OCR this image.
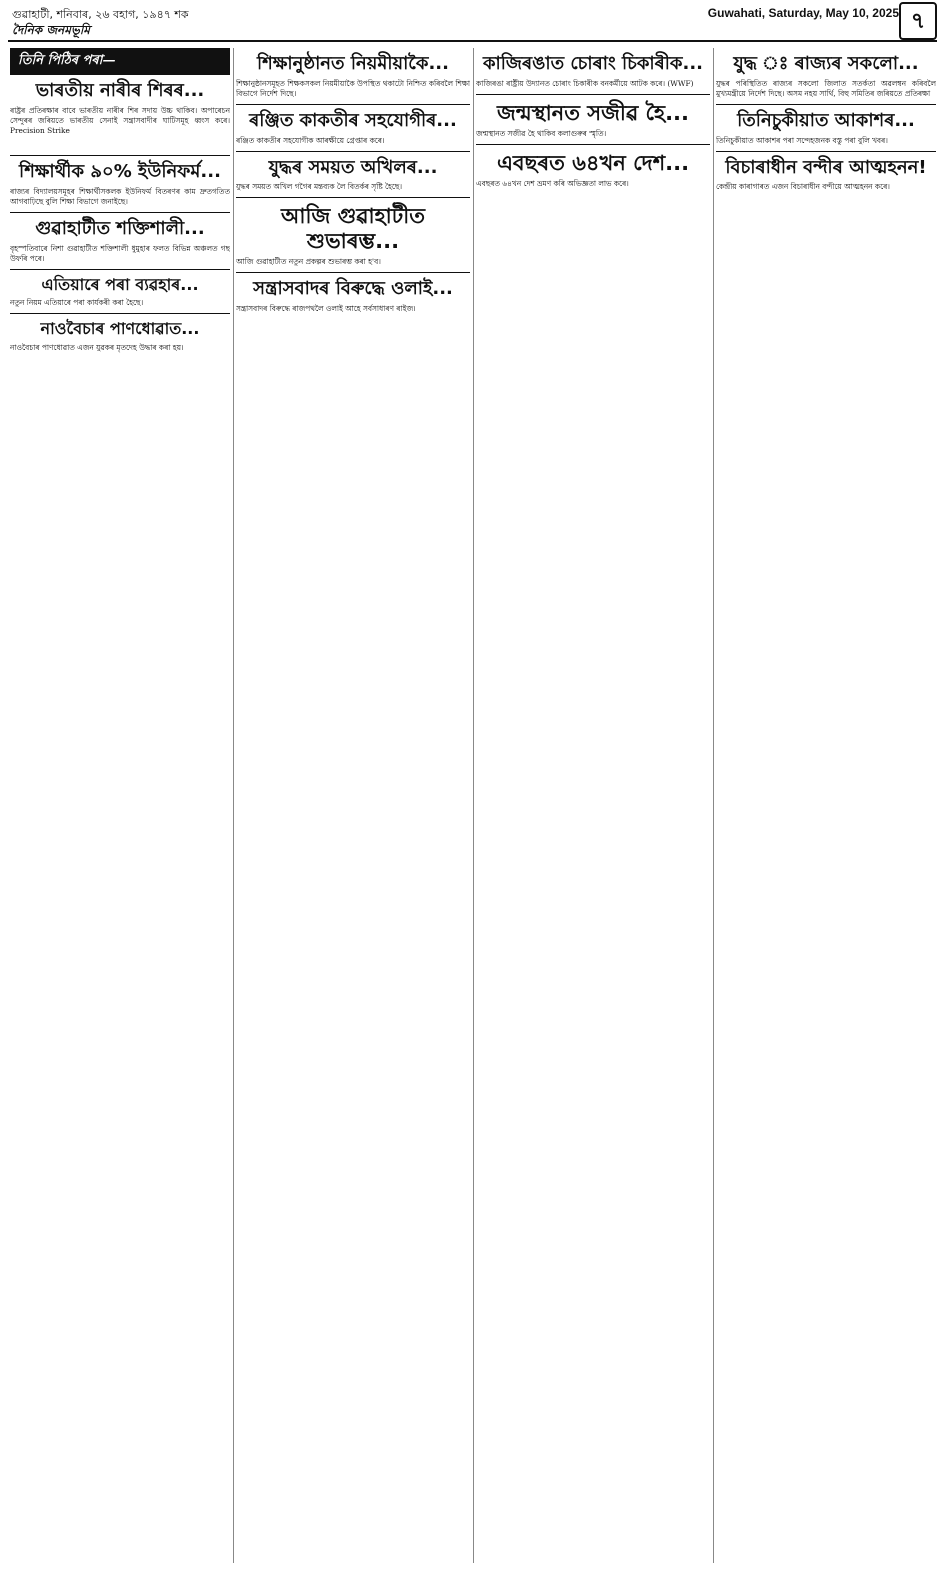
গুৱাহাটী, শনিবাৰ, ২৬ বহাগ, ১৯৪৭ শক
দৈনিক জনমভূমি
Guwahati, Saturday, May 10, 2025 ৭
তিনি পিঠিৰ পৰা—
ভাৰতীয় নাৰীৰ শিৰৰ...

ৰাষ্ট্ৰৰ প্ৰতিৰক্ষাৰ বাবে ভাৰতীয় নাৰীৰ শিৰ সদায় উচ্চ থাকিব। অপাৰেচন সেন্দুৰৰ জৰিয়তে ভাৰতীয় সেনাই সন্ত্ৰাসবাদীৰ ঘাটিসমূহ ধ্বংস কৰে। Precision Strike

শিক্ষাৰ্থীক ৯০% ইউনিফৰ্ম...

ৰাজ্যৰ বিদ্যালয়সমূহৰ শিক্ষাৰ্থীসকলক ইউনিফৰ্ম বিতৰণৰ কাম দ্ৰুতগতিত আগবাঢ়িছে বুলি শিক্ষা বিভাগে জনাইছে।

গুৱাহাটীত শক্তিশালী...

বৃহস্পতিবাৰে নিশা গুৱাহাটীত শক্তিশালী ধুমুহাৰ ফলত বিভিন্ন অঞ্চলত গছ উফৰি পৰে।

এতিয়াৰে পৰা ব্যৱহাৰ...

নতুন নিয়ম এতিয়াৰে পৰা কাৰ্যকৰী কৰা হৈছে।

নাওবৈচাৰ পাণধোৱাত...

নাওবৈচাৰ পাণধোৱাত এজন যুৱকৰ মৃতদেহ উদ্ধাৰ কৰা হয়।

শিক্ষানুষ্ঠানত নিয়মীয়াকৈ...

শিক্ষানুষ্ঠানসমূহত শিক্ষকসকল নিয়মীয়াকৈ উপস্থিত থকাটো নিশ্চিত কৰিবলৈ শিক্ষা বিভাগে নিৰ্দেশ দিছে।

ৰঞ্জিত কাকতীৰ সহযোগীৰ...

ৰঞ্জিত কাকতীৰ সহযোগীক আৰক্ষীয়ে গ্ৰেপ্তাৰ কৰে।

যুদ্ধৰ সময়ত অখিলৰ...

যুদ্ধৰ সময়ত অখিল গগৈৰ মন্তব্যক লৈ বিতৰ্কৰ সৃষ্টি হৈছে।

আজি গুৱাহাটীত শুভাৰম্ভ...

আজি গুৱাহাটীত নতুন প্ৰকল্পৰ শুভাৰম্ভ কৰা হ'ব।

সন্ত্ৰাসবাদৰ বিৰুদ্ধে ওলাই...

সন্ত্ৰাসবাদৰ বিৰুদ্ধে ৰাজপথলৈ ওলাই আহে সৰ্বসাধাৰণ ৰাইজ।

কাজিৰঙাত চোৰাং চিকাৰীক...

কাজিৰঙা ৰাষ্ট্ৰীয় উদ্যানত চোৰাং চিকাৰীক বনকৰ্মীয়ে আটক কৰে। (WWF)

জন্মস্থানত সজীৱ হৈ...

জন্মস্থানত সজীৱ হৈ থাকিব কলাগুৰুৰ স্মৃতি।

এবছৰত ৬৪খন দেশ...

এবছৰত ৬৪খন দেশ ভ্ৰমণ কৰি অভিজ্ঞতা লাভ কৰে।

যুদ্ধ ঃ ৰাজ্যৰ সকলো...

যুদ্ধৰ পৰিস্থিতিত ৰাজ্যৰ সকলো জিলাত সতৰ্কতা অৱলম্বন কৰিবলৈ মুখ্যমন্ত্ৰীয়ে নিৰ্দেশ দিছে। অসম নহয় সাৰ্থি, বিহু সমিতিৰ জৰিয়তে প্ৰতিৰক্ষা

তিনিচুকীয়াত আকাশৰ...

তিনিচুকীয়াত আকাশৰ পৰা সন্দেহজনক বস্তু পৰা বুলি খবৰ।

বিচাৰাধীন বন্দীৰ আত্মহনন!

কেন্দ্ৰীয় কাৰাগাৰত এজন বিচাৰাধীন বন্দীয়ে আত্মহনন কৰে।
